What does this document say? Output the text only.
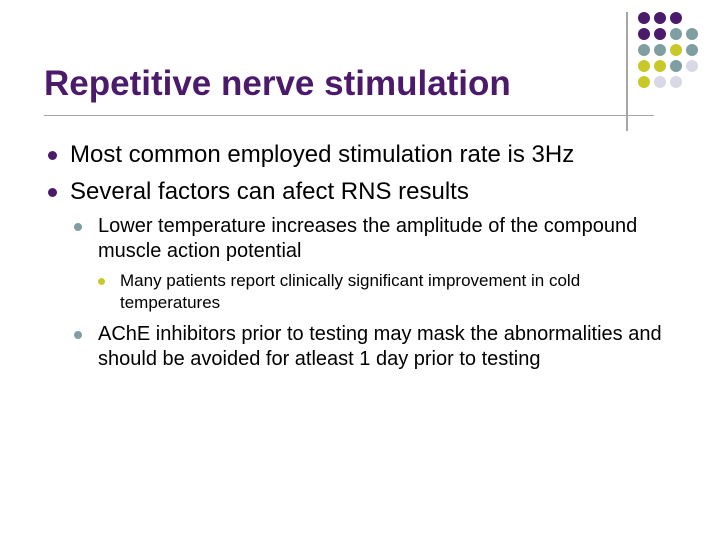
Repetitive nerve stimulation
Most common employed stimulation rate is 3Hz
Several factors can afect RNS results
Lower temperature increases the amplitude of the compound muscle action potential
Many patients report clinically significant improvement in cold temperatures
AChE inhibitors prior to testing may mask the abnormalities and should be avoided for atleast 1 day prior to testing
